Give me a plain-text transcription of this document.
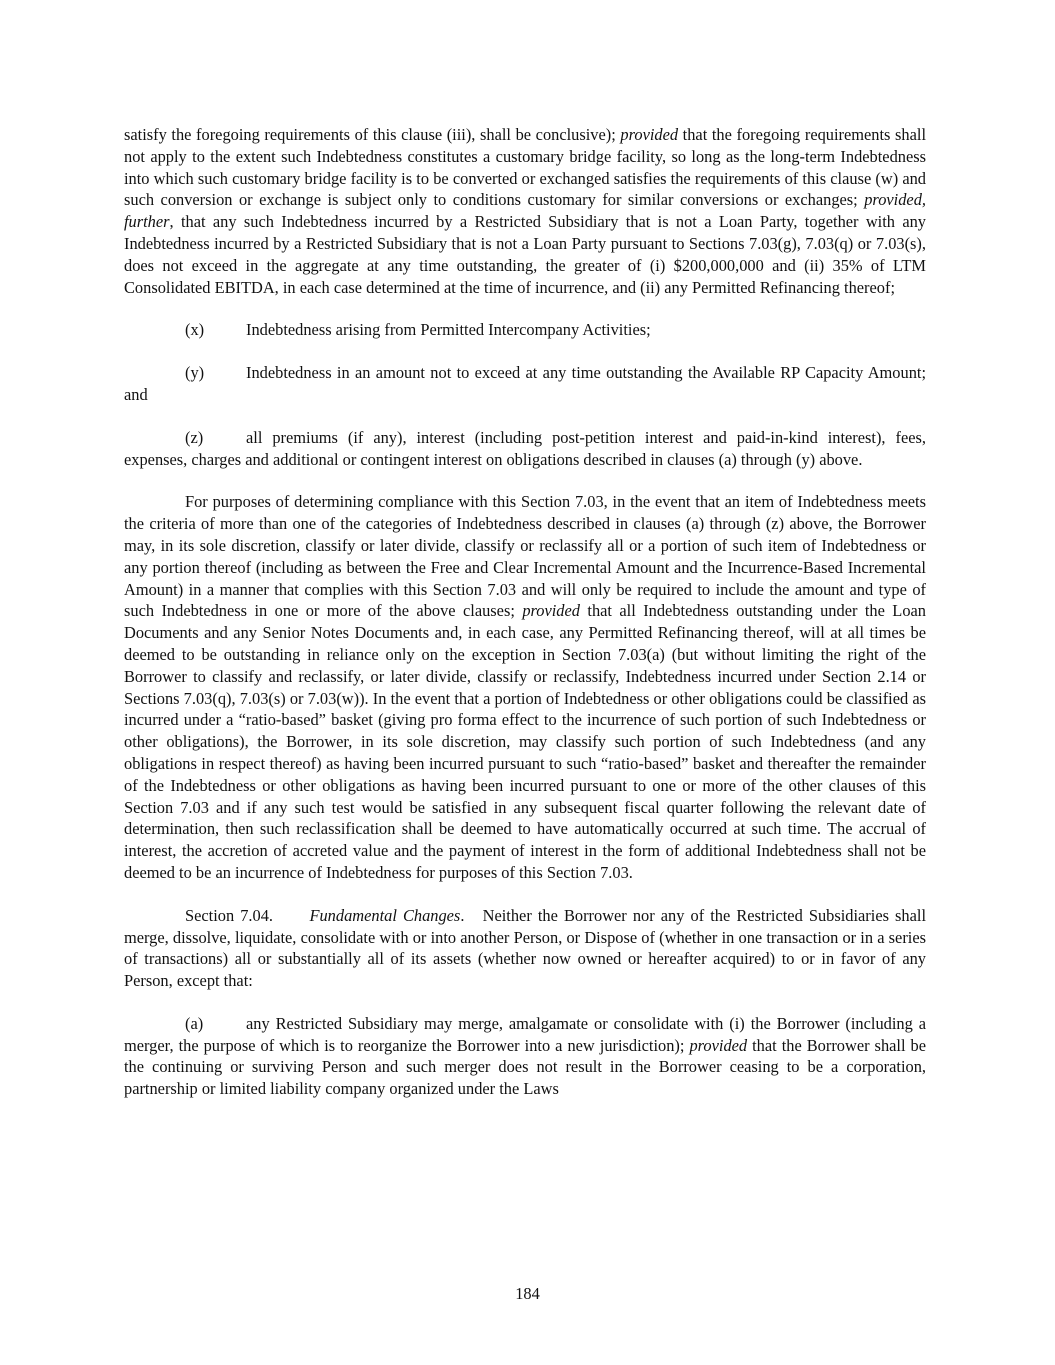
satisfy the foregoing requirements of this clause (iii), shall be conclusive); provided that the foregoing requirements shall not apply to the extent such Indebtedness constitutes a customary bridge facility, so long as the long-term Indebtedness into which such customary bridge facility is to be converted or exchanged satisfies the requirements of this clause (w) and such conversion or exchange is subject only to conditions customary for similar conversions or exchanges; provided, further, that any such Indebtedness incurred by a Restricted Subsidiary that is not a Loan Party, together with any Indebtedness incurred by a Restricted Subsidiary that is not a Loan Party pursuant to Sections 7.03(g), 7.03(q) or 7.03(s), does not exceed in the aggregate at any time outstanding, the greater of (i) $200,000,000 and (ii) 35% of LTM Consolidated EBITDA, in each case determined at the time of incurrence, and (ii) any Permitted Refinancing thereof;

(x)	Indebtedness arising from Permitted Intercompany Activities;

(y)	Indebtedness in an amount not to exceed at any time outstanding the Available RP Capacity Amount; and

(z)	all premiums (if any), interest (including post-petition interest and paid-in-kind interest), fees, expenses, charges and additional or contingent interest on obligations described in clauses (a) through (y) above.

For purposes of determining compliance with this Section 7.03, in the event that an item of Indebtedness meets the criteria of more than one of the categories of Indebtedness described in clauses (a) through (z) above, the Borrower may, in its sole discretion, classify or later divide, classify or reclassify all or a portion of such item of Indebtedness or any portion thereof (including as between the Free and Clear Incremental Amount and the Incurrence-Based Incremental Amount) in a manner that complies with this Section 7.03 and will only be required to include the amount and type of such Indebtedness in one or more of the above clauses; provided that all Indebtedness outstanding under the Loan Documents and any Senior Notes Documents and, in each case, any Permitted Refinancing thereof, will at all times be deemed to be outstanding in reliance only on the exception in Section 7.03(a) (but without limiting the right of the Borrower to classify and reclassify, or later divide, classify or reclassify, Indebtedness incurred under Section 2.14 or Sections 7.03(q), 7.03(s) or 7.03(w)). In the event that a portion of Indebtedness or other obligations could be classified as incurred under a “ratio-based” basket (giving pro forma effect to the incurrence of such portion of such Indebtedness or other obligations), the Borrower, in its sole discretion, may classify such portion of such Indebtedness (and any obligations in respect thereof) as having been incurred pursuant to such “ratio-based” basket and thereafter the remainder of the Indebtedness or other obligations as having been incurred pursuant to one or more of the other clauses of this Section 7.03 and if any such test would be satisfied in any subsequent fiscal quarter following the relevant date of determination, then such reclassification shall be deemed to have automatically occurred at such time. The accrual of interest, the accretion of accreted value and the payment of interest in the form of additional Indebtedness shall not be deemed to be an incurrence of Indebtedness for purposes of this Section 7.03.

Section 7.04. Fundamental Changes. Neither the Borrower nor any of the Restricted Subsidiaries shall merge, dissolve, liquidate, consolidate with or into another Person, or Dispose of (whether in one transaction or in a series of transactions) all or substantially all of its assets (whether now owned or hereafter acquired) to or in favor of any Person, except that:

(a)	any Restricted Subsidiary may merge, amalgamate or consolidate with (i) the Borrower (including a merger, the purpose of which is to reorganize the Borrower into a new jurisdiction); provided that the Borrower shall be the continuing or surviving Person and such merger does not result in the Borrower ceasing to be a corporation, partnership or limited liability company organized under the Laws

184
